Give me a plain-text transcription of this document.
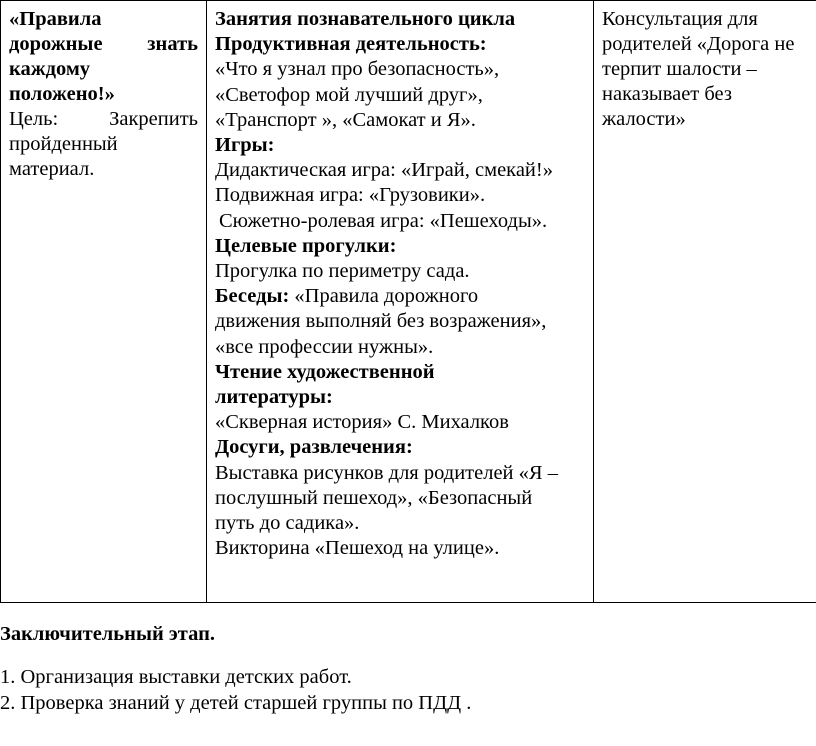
«Правила дорожные знать каждому положено!»
Цель: Закрепить пройденный материал.

Занятия познавательного цикла
Продуктивная деятельность:
«Что я узнал про безопасность»,
«Светофор мой лучший друг»,
«Транспорт », «Самокат и Я».
Игры:
Дидактическая игра: «Играй, смекай!»
Подвижная игра: «Грузовики».
Сюжетно-ролевая игра: «Пешеходы».
Целевые прогулки:
Прогулка по периметру сада.
Беседы: «Правила дорожного
движения выполняй без возражения»,
«все профессии нужны».
Чтение художественной
литературы:
«Скверная история» С. Михалков
Досуги, развлечения:
Выставка рисунков для родителей «Я –
послушный пешеход», «Безопасный
путь до садика».
Викторина «Пешеход на улице».

Консультация для
родителей «Дорога не
терпит шалости –
наказывает без
жалости»
Заключительный этап.
1. Организация выставки детских работ.
2. Проверка знаний у детей старшей группы по ПДД .
